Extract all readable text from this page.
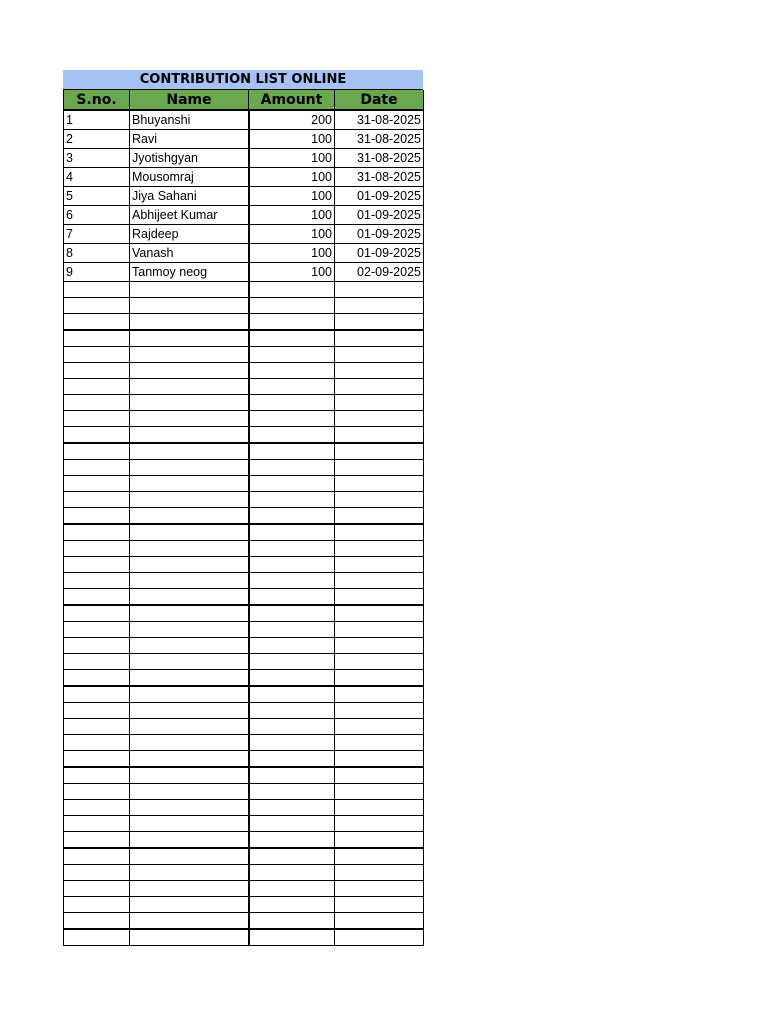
CONTRIBUTION LIST ONLINE
S.no.	Name	Amount	Date
1	Bhuyanshi	200	31-08-2025
2	Ravi	100	31-08-2025
3	Jyotishgyan	100	31-08-2025
4	Mousomraj	100	31-08-2025
5	Jiya Sahani	100	01-09-2025
6	Abhijeet Kumar	100	01-09-2025
7	Rajdeep	100	01-09-2025
8	Vanash	100	01-09-2025
9	Tanmoy neog	100	02-09-2025
